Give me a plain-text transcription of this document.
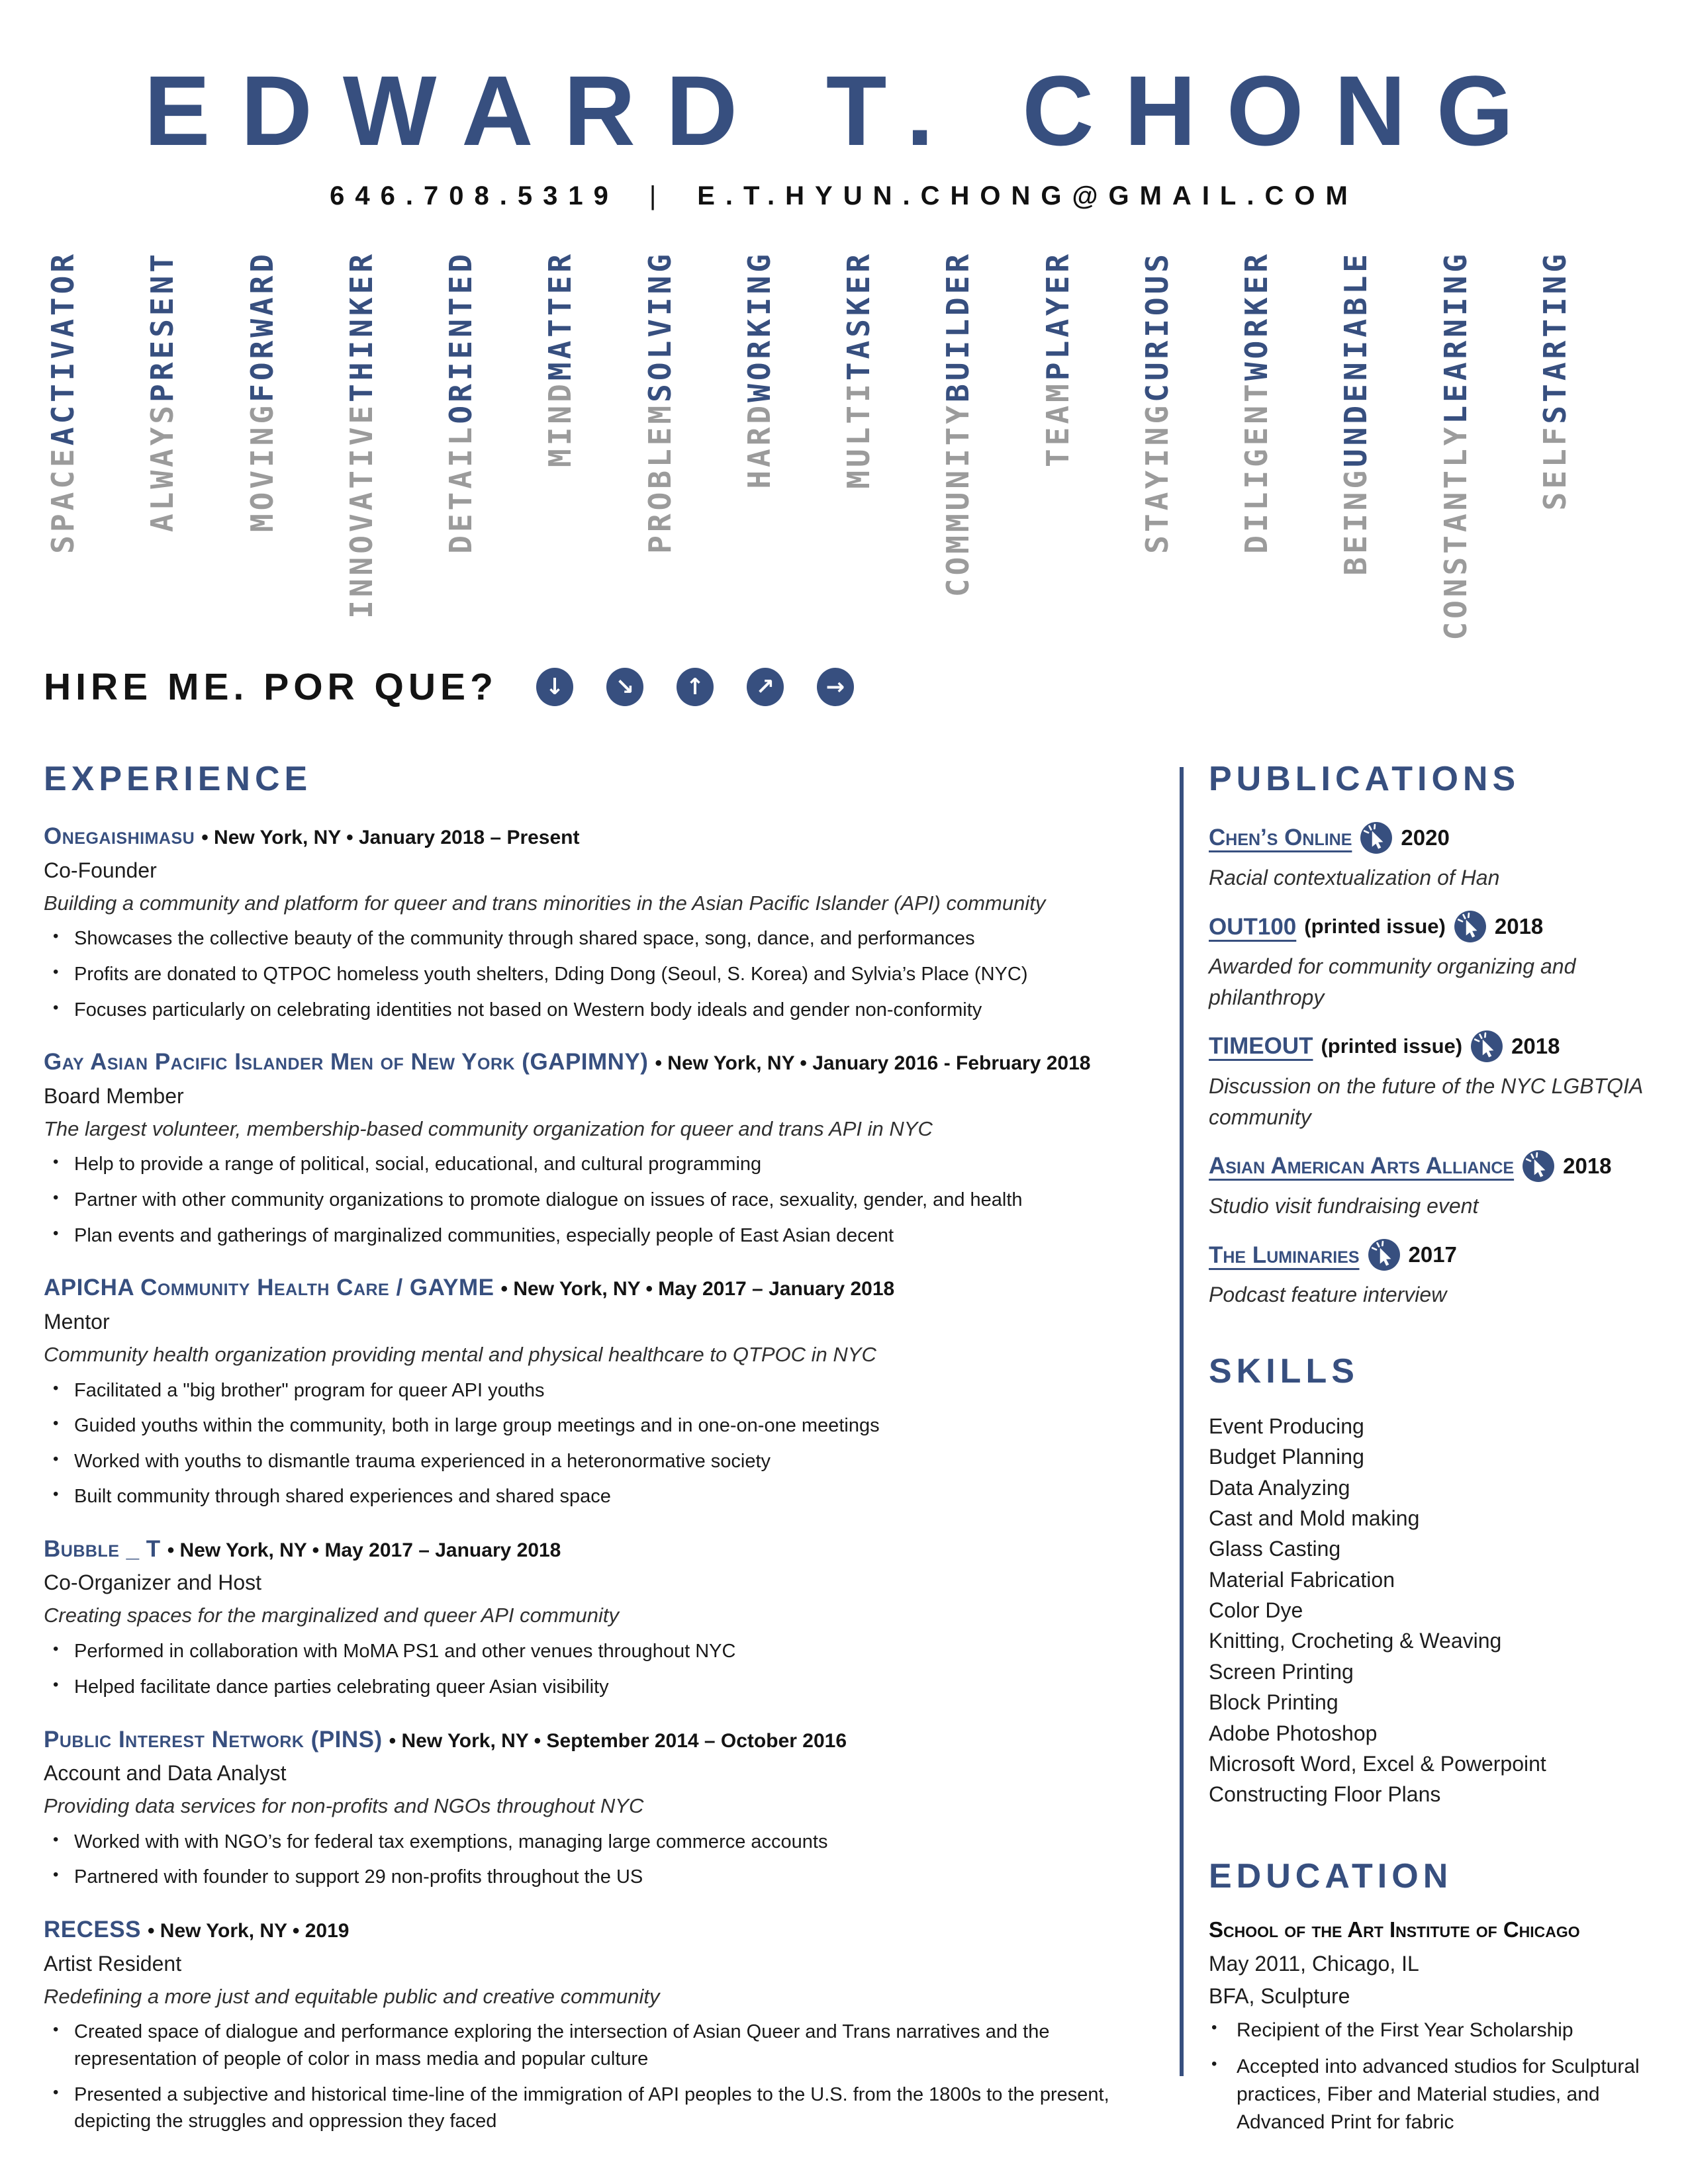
EDWARD T. CHONG
646.708.5319 | E.T.HYUN.CHONG@GMAIL.COM
SPACEACTIVATOR
ALWAYSPRESENT
MOVINGFORWARD
INNOVATIVETHINKER
DETAILORIENTED MINDMATTER
PROBLEMSOLVING
HARDWORKING
MULTITASKER
COMMUNITYBUILDER
TEAMPLAYER
STAYINGCURIOUS
DILIGENTWORKER
BEINGUNDENIABLE
CONSTANTLYLEARNING
SELFSTARTING
HIRE ME. POR QUE? ↓ ↘ ↑ ↗ →
EXPERIENCE
Onegaishimasu • New York, NY • January 2018 – Present
Co-Founder
Building a community and platform for queer and trans minorities in the Asian Pacific Islander (API) community
• Showcases the collective beauty of the community through shared space, song, dance, and performances
• Profits are donated to QTPOC homeless youth shelters, Dding Dong (Seoul, S. Korea) and Sylvia’s Place (NYC)
• Focuses particularly on celebrating identities not based on Western body ideals and gender non-conformity
Gay Asian Pacific Islander Men of New York (GAPIMNY) • New York, NY • January 2016 - February 2018
Board Member
The largest volunteer, membership-based community organization for queer and trans API in NYC
• Help to provide a range of political, social, educational, and cultural programming
• Partner with other community organizations to promote dialogue on issues of race, sexuality, gender, and health
• Plan events and gatherings of marginalized communities, especially people of East Asian decent
APICHA Community Health Care / GAYME • New York, NY • May 2017 – January 2018
Mentor
Community health organization providing mental and physical healthcare to QTPOC in NYC
• Facilitated a "big brother" program for queer API youths
• Guided youths within the community, both in large group meetings and in one-on-one meetings
• Worked with youths to dismantle trauma experienced in a heteronormative society
• Built community through shared experiences and shared space
Bubble _ T • New York, NY • May 2017 – January 2018
Co-Organizer and Host
Creating spaces for the marginalized and queer API community
• Performed in collaboration with MoMA PS1 and other venues throughout NYC
• Helped facilitate dance parties celebrating queer Asian visibility
Public Interest Network (PINS) • New York, NY • September 2014 – October 2016
Account and Data Analyst
Providing data services for non-profits and NGOs throughout NYC
• Worked with with NGO’s for federal tax exemptions, managing large commerce accounts
• Partnered with founder to support 29 non-profits throughout the US
RECESS • New York, NY • 2019
Artist Resident
Redefining a more just and equitable public and creative community
• Created space of dialogue and performance exploring the intersection of Asian Queer and Trans narratives and the representation of people of color in mass media and popular culture
• Presented a subjective and historical time-line of the immigration of API peoples to the U.S. from the 1800s to the present, depicting the struggles and oppression they faced
PUBLICATIONS
Chen’s Online 2020
Racial contextualization of Han
OUT100 (printed issue) 2018
Awarded for community organizing and philanthropy
TIMEOUT (printed issue) 2018
Discussion on the future of the NYC LGBTQIA community
Asian American Arts Alliance 2018
Studio visit fundraising event
The Luminaries 2017
Podcast feature interview
SKILLS
Event Producing
Budget Planning
Data Analyzing
Cast and Mold making
Glass Casting
Material Fabrication
Color Dye
Knitting, Crocheting & Weaving
Screen Printing
Block Printing
Adobe Photoshop
Microsoft Word, Excel & Powerpoint
Constructing Floor Plans
EDUCATION
School of the Art Institute of Chicago
May 2011, Chicago, IL
BFA, Sculpture
• Recipient of the First Year Scholarship
• Accepted into advanced studios for Sculptural practices, Fiber and Material studies, and Advanced Print for fabric
